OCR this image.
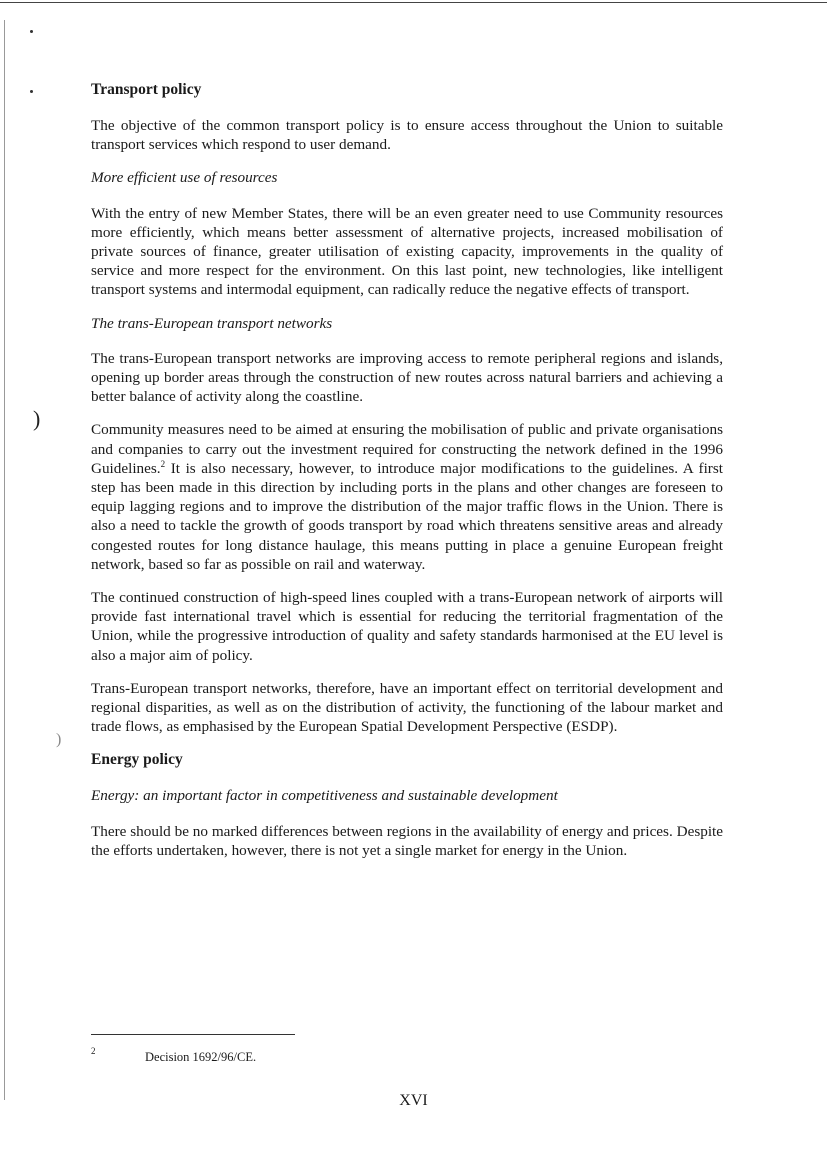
)
)
Transport policy

The objective of the common transport policy is to ensure access throughout the Union to suitable transport services which respond to user demand.

More efficient use of resources

With the entry of new Member States, there will be an even greater need to use Community resources more efficiently, which means better assessment of alternative projects, increased mobilisation of private sources of finance, greater utilisation of existing capacity, improvements in the quality of service and more respect for the environment. On this last point, new technologies, like intelligent transport systems and intermodal equipment, can radically reduce the negative effects of transport.

The trans-European transport networks

The trans-European transport networks are improving access to remote peripheral regions and islands, opening up border areas through the construction of new routes across natural barriers and achieving a better balance of activity along the coastline.

Community measures need to be aimed at ensuring the mobilisation of public and private organisations and companies to carry out the investment required for constructing the network defined in the 1996 Guidelines.$^2$ It is also necessary, however, to introduce major modifications to the guidelines. A first step has been made in this direction by including ports in the plans and other changes are foreseen to equip lagging regions and to improve the distribution of the major traffic flows in the Union. There is also a need to tackle the growth of goods transport by road which threatens sensitive areas and already congested routes for long distance haulage, this means putting in place a genuine European freight network, based so far as possible on rail and waterway.

The continued construction of high-speed lines coupled with a trans-European network of airports will provide fast international travel which is essential for reducing the territorial fragmentation of the Union, while the progressive introduction of quality and safety standards harmonised at the EU level is also a major aim of policy.

Trans-European transport networks, therefore, have an important effect on territorial development and regional disparities, as well as on the distribution of activity, the functioning of the labour market and trade flows, as emphasised by the European Spatial Development Perspective (ESDP).

Energy policy

Energy: an important factor in competitiveness and sustainable development

There should be no marked differences between regions in the availability of energy and prices. Despite the efforts undertaken, however, there is not yet a single market for energy in the Union.

2	Decision 1692/96/CE.
XVI
